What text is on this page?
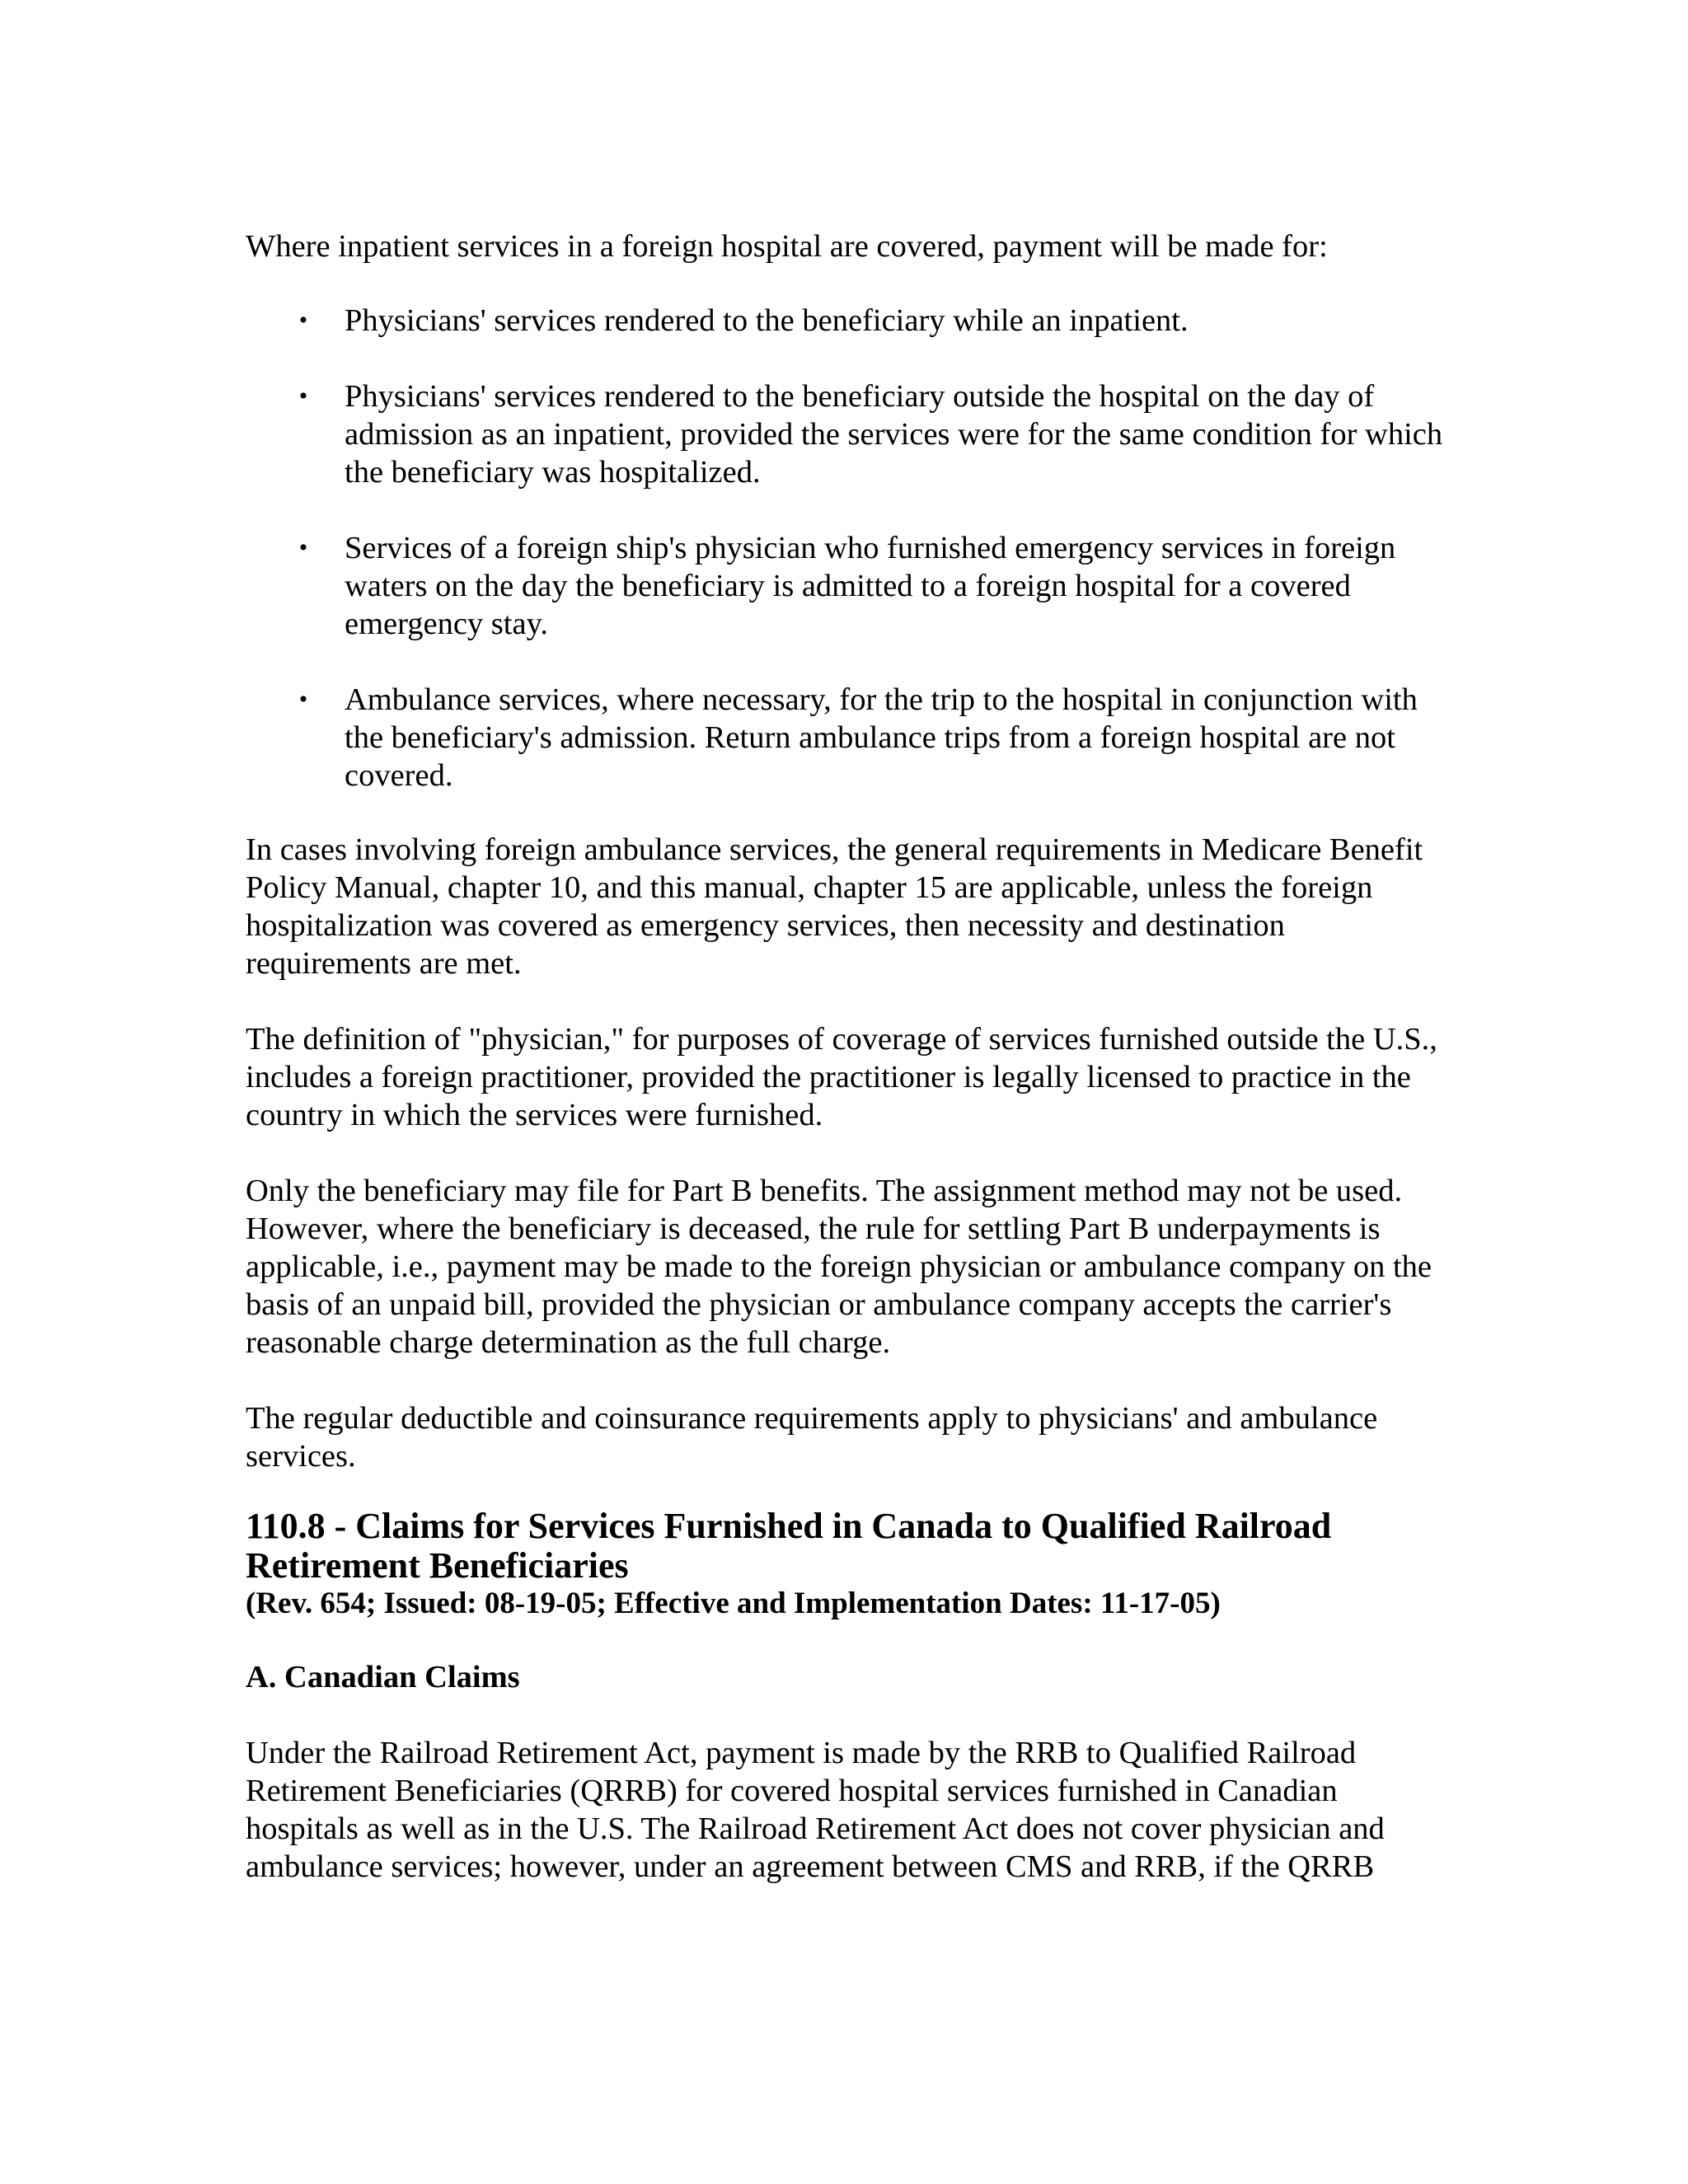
Where inpatient services in a foreign hospital are covered, payment will be made for:

• Physicians' services rendered to the beneficiary while an inpatient.
• Physicians' services rendered to the beneficiary outside the hospital on the day of admission as an inpatient, provided the services were for the same condition for which the beneficiary was hospitalized.
• Services of a foreign ship's physician who furnished emergency services in foreign waters on the day the beneficiary is admitted to a foreign hospital for a covered emergency stay.
• Ambulance services, where necessary, for the trip to the hospital in conjunction with the beneficiary's admission. Return ambulance trips from a foreign hospital are not covered.

In cases involving foreign ambulance services, the general requirements in Medicare Benefit Policy Manual, chapter 10, and this manual, chapter 15 are applicable, unless the foreign hospitalization was covered as emergency services, then necessity and destination requirements are met.

The definition of "physician," for purposes of coverage of services furnished outside the U.S., includes a foreign practitioner, provided the practitioner is legally licensed to practice in the country in which the services were furnished.

Only the beneficiary may file for Part B benefits. The assignment method may not be used. However, where the beneficiary is deceased, the rule for settling Part B underpayments is applicable, i.e., payment may be made to the foreign physician or ambulance company on the basis of an unpaid bill, provided the physician or ambulance company accepts the carrier's reasonable charge determination as the full charge.

The regular deductible and coinsurance requirements apply to physicians' and ambulance services.

110.8 - Claims for Services Furnished in Canada to Qualified Railroad Retirement Beneficiaries

(Rev. 654; Issued: 08-19-05; Effective and Implementation Dates: 11-17-05)

A. Canadian Claims

Under the Railroad Retirement Act, payment is made by the RRB to Qualified Railroad Retirement Beneficiaries (QRRB) for covered hospital services furnished in Canadian hospitals as well as in the U.S. The Railroad Retirement Act does not cover physician and ambulance services; however, under an agreement between CMS and RRB, if the QRRB
